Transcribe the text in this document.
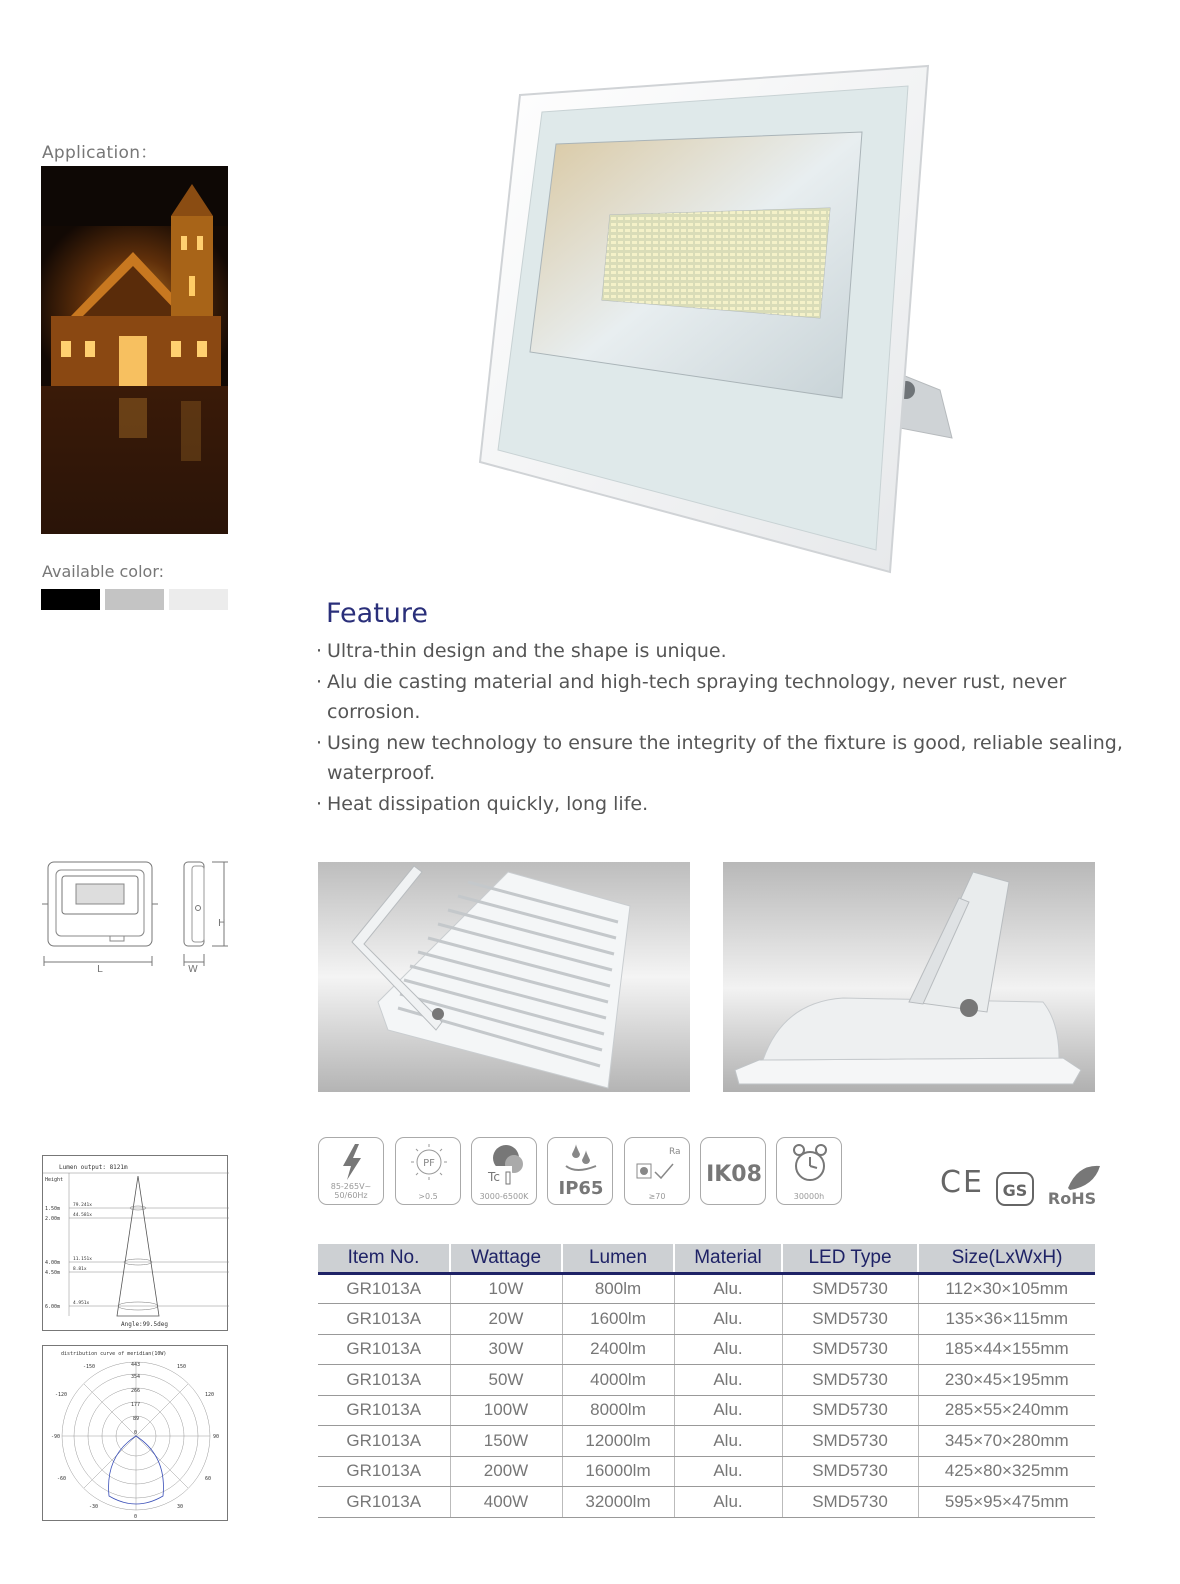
Application：
Available color:
Feature
· Ultra-thin design and the shape is unique.
· Alu die casting material and high-tech spraying technology, never rust, never corrosion.
· Using new technology to ensure the integrity of the fixture is good, reliable sealing, waterproof.
· Heat dissipation quickly, long life.
L
H
W
Lumen output: 8121m
Height
1.50m
2.00m
4.00m
4.50m
6.00m
79.241x
44.581x
11.151x
8.81x
4.951x
Angle:99.5deg
distribution curve of meridian(10W)
443
354
266
177
89
0
-150	150
-120	120
-90	90
-60	60
-30	30
0
85-265V~ 50/60Hz
PF
>0.5
Tc
3000-6500K	IP65
Ra
≥70
IK08
30000h	CE GS RoHS
Item No.	Wattage	Lumen	Material	LED Type	Size(LxWxH)
GR1013A	10W	800lm	Alu.	SMD5730	112×30×105mm
GR1013A	20W	1600lm	Alu.	SMD5730	135×36×115mm
GR1013A	30W	2400lm	Alu.	SMD5730	185×44×155mm
GR1013A	50W	4000lm	Alu.	SMD5730	230×45×195mm
GR1013A	100W	8000lm	Alu.	SMD5730	285×55×240mm
GR1013A	150W	12000lm	Alu.	SMD5730	345×70×280mm
GR1013A	200W	16000lm	Alu.	SMD5730	425×80×325mm
GR1013A	400W	32000lm	Alu.	SMD5730	595×95×475mm
